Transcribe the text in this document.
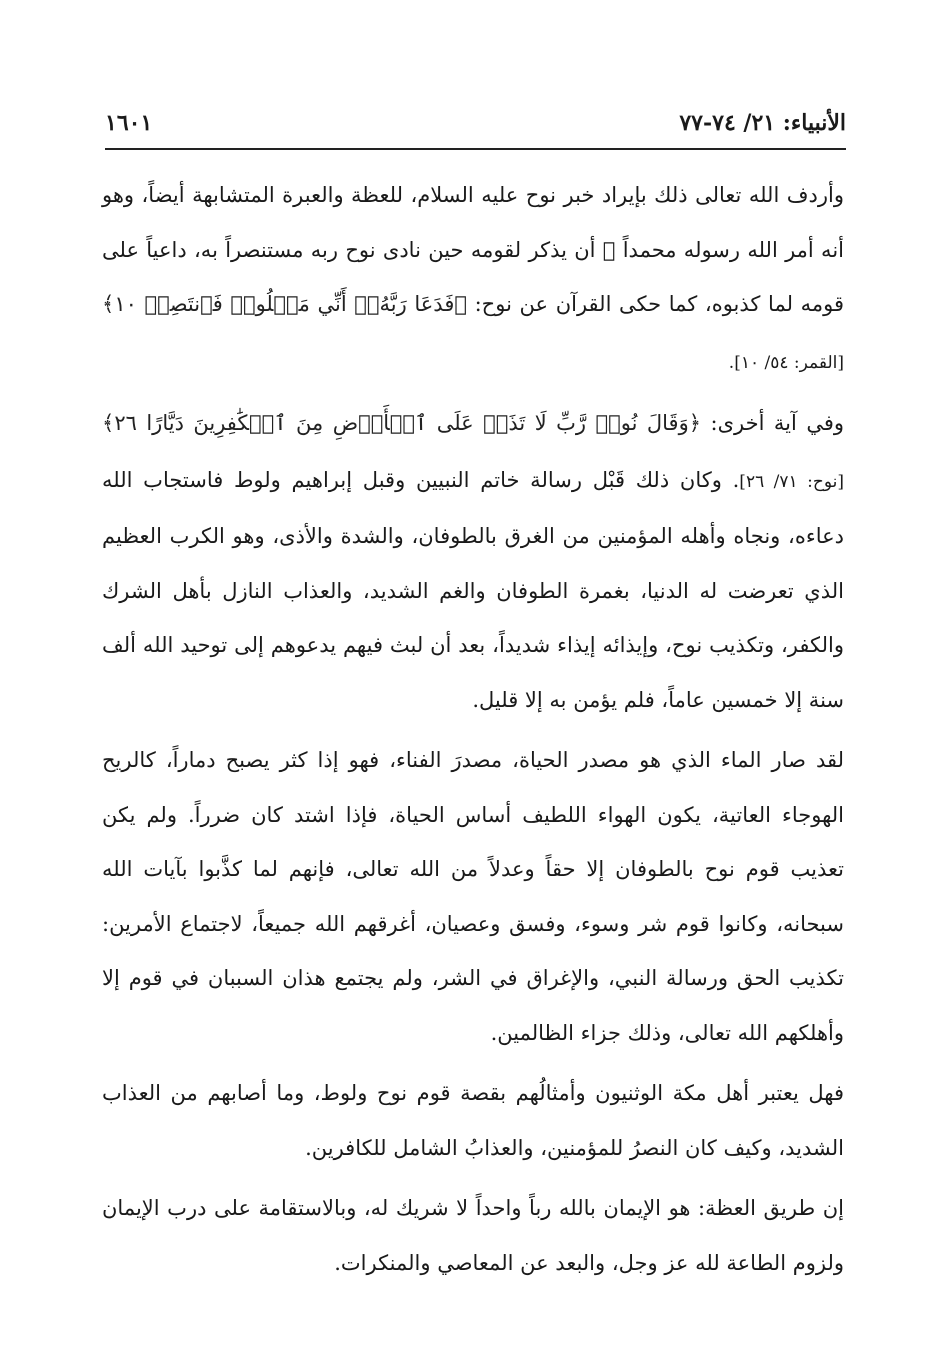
الأنبياء: ٢١/ ٧٤-٧٧
١٦٠١

وأردف الله تعالى ذلك بإيراد خبر نوح عليه السلام، للعظة والعبرة المتشابهة أيضاً، وهو أنه أمر الله رسوله محمداً ﷺ أن يذكر لقومه حين نادى نوح ربه مستنصراً به، داعياً على قومه لما كذبوه، كما حكى القرآن عن نوح: ﴿فَدَعَا رَبَّهُۥٓ أَنِّي مَغۡلُوبٞ فَٱنتَصِرۡ ١٠﴾ [القمر: ٥٤/ ١٠].

وفي آية أخرى: ﴿وَقَالَ نُوحٞ رَّبِّ لَا تَذَرۡ عَلَى ٱلۡأَرۡضِ مِنَ ٱلۡكَٰفِرِينَ دَيَّارًا ٢٦﴾ [نوح: ٧١/ ٢٦]. وكان ذلك قَبْل رسالة خاتم النبيين وقبل إبراهيم ولوط فاستجاب الله دعاءه، ونجاه وأهله المؤمنين من الغرق بالطوفان، والشدة والأذى، وهو الكرب العظيم الذي تعرضت له الدنيا، بغمرة الطوفان والغم الشديد، والعذاب النازل بأهل الشرك والكفر، وتكذيب نوح، وإيذائه إيذاء شديداً، بعد أن لبث فيهم يدعوهم إلى توحيد الله ألف سنة إلا خمسين عاماً، فلم يؤمن به إلا قليل.

لقد صار الماء الذي هو مصدر الحياة، مصدرَ الفناء، فهو إذا كثر يصبح دماراً، كالريح الهوجاء العاتية، يكون الهواء اللطيف أساس الحياة، فإذا اشتد كان ضرراً. ولم يكن تعذيب قوم نوح بالطوفان إلا حقاً وعدلاً من الله تعالى، فإنهم لما كذَّبوا بآيات الله سبحانه، وكانوا قوم شر وسوء، وفسق وعصيان، أغرقهم الله جميعاً، لاجتماع الأمرين: تكذيب الحق ورسالة النبي، والإغراق في الشر، ولم يجتمع هذان السببان في قوم إلا وأهلكهم الله تعالى، وذلك جزاء الظالمين.

فهل يعتبر أهل مكة الوثنيون وأمثالُهم بقصة قوم نوح ولوط، وما أصابهم من العذاب الشديد، وكيف كان النصرُ للمؤمنين، والعذابُ الشامل للكافرين.

إن طريق العظة: هو الإيمان بالله رباً واحداً لا شريك له، وبالاستقامة على درب الإيمان ولزوم الطاعة لله عز وجل، والبعد عن المعاصي والمنكرات.
